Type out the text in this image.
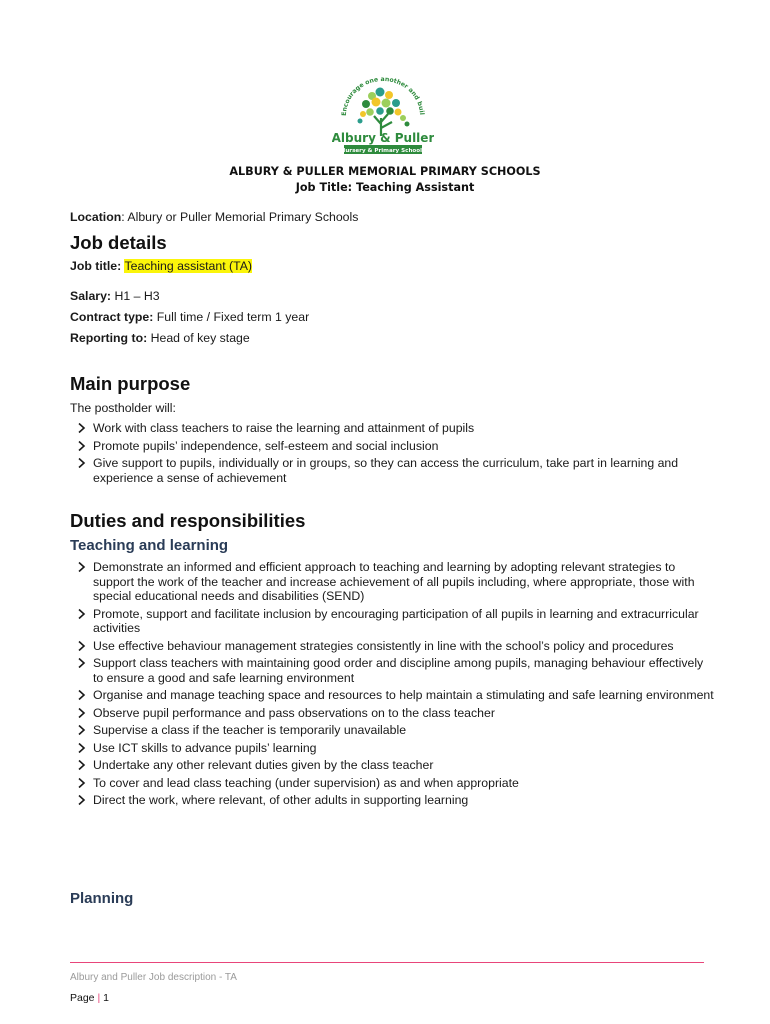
Encourage one another and buil
Albury & Puller
Nursery & Primary Schools
ALBURY & PULLER MEMORIAL PRIMARY SCHOOLS
Job Title: Teaching Assistant
Location: Albury or Puller Memorial Primary Schools
Job details
Job title: Teaching assistant (TA)
Salary: H1 – H3
Contract type: Full time / Fixed term 1 year
Reporting to: Head of key stage
Main purpose
The postholder will:
Work with class teachers to raise the learning and attainment of pupils
Promote pupils’ independence, self-esteem and social inclusion
Give support to pupils, individually or in groups, so they can access the curriculum, take part in learning and experience a sense of achievement
Duties and responsibilities
Teaching and learning
Demonstrate an informed and efficient approach to teaching and learning by adopting relevant strategies to support the work of the teacher and increase achievement of all pupils including, where appropriate, those with special educational needs and disabilities (SEND)
Promote, support and facilitate inclusion by encouraging participation of all pupils in learning and extracurricular activities
Use effective behaviour management strategies consistently in line with the school’s policy and procedures
Support class teachers with maintaining good order and discipline among pupils, managing behaviour effectively to ensure a good and safe learning environment
Organise and manage teaching space and resources to help maintain a stimulating and safe learning environment
Observe pupil performance and pass observations on to the class teacher
Supervise a class if the teacher is temporarily unavailable
Use ICT skills to advance pupils’ learning
Undertake any other relevant duties given by the class teacher
To cover and lead class teaching (under supervision) as and when appropriate
Direct the work, where relevant, of other adults in supporting learning
Planning
Albury and Puller Job description - TA
Page | 1
